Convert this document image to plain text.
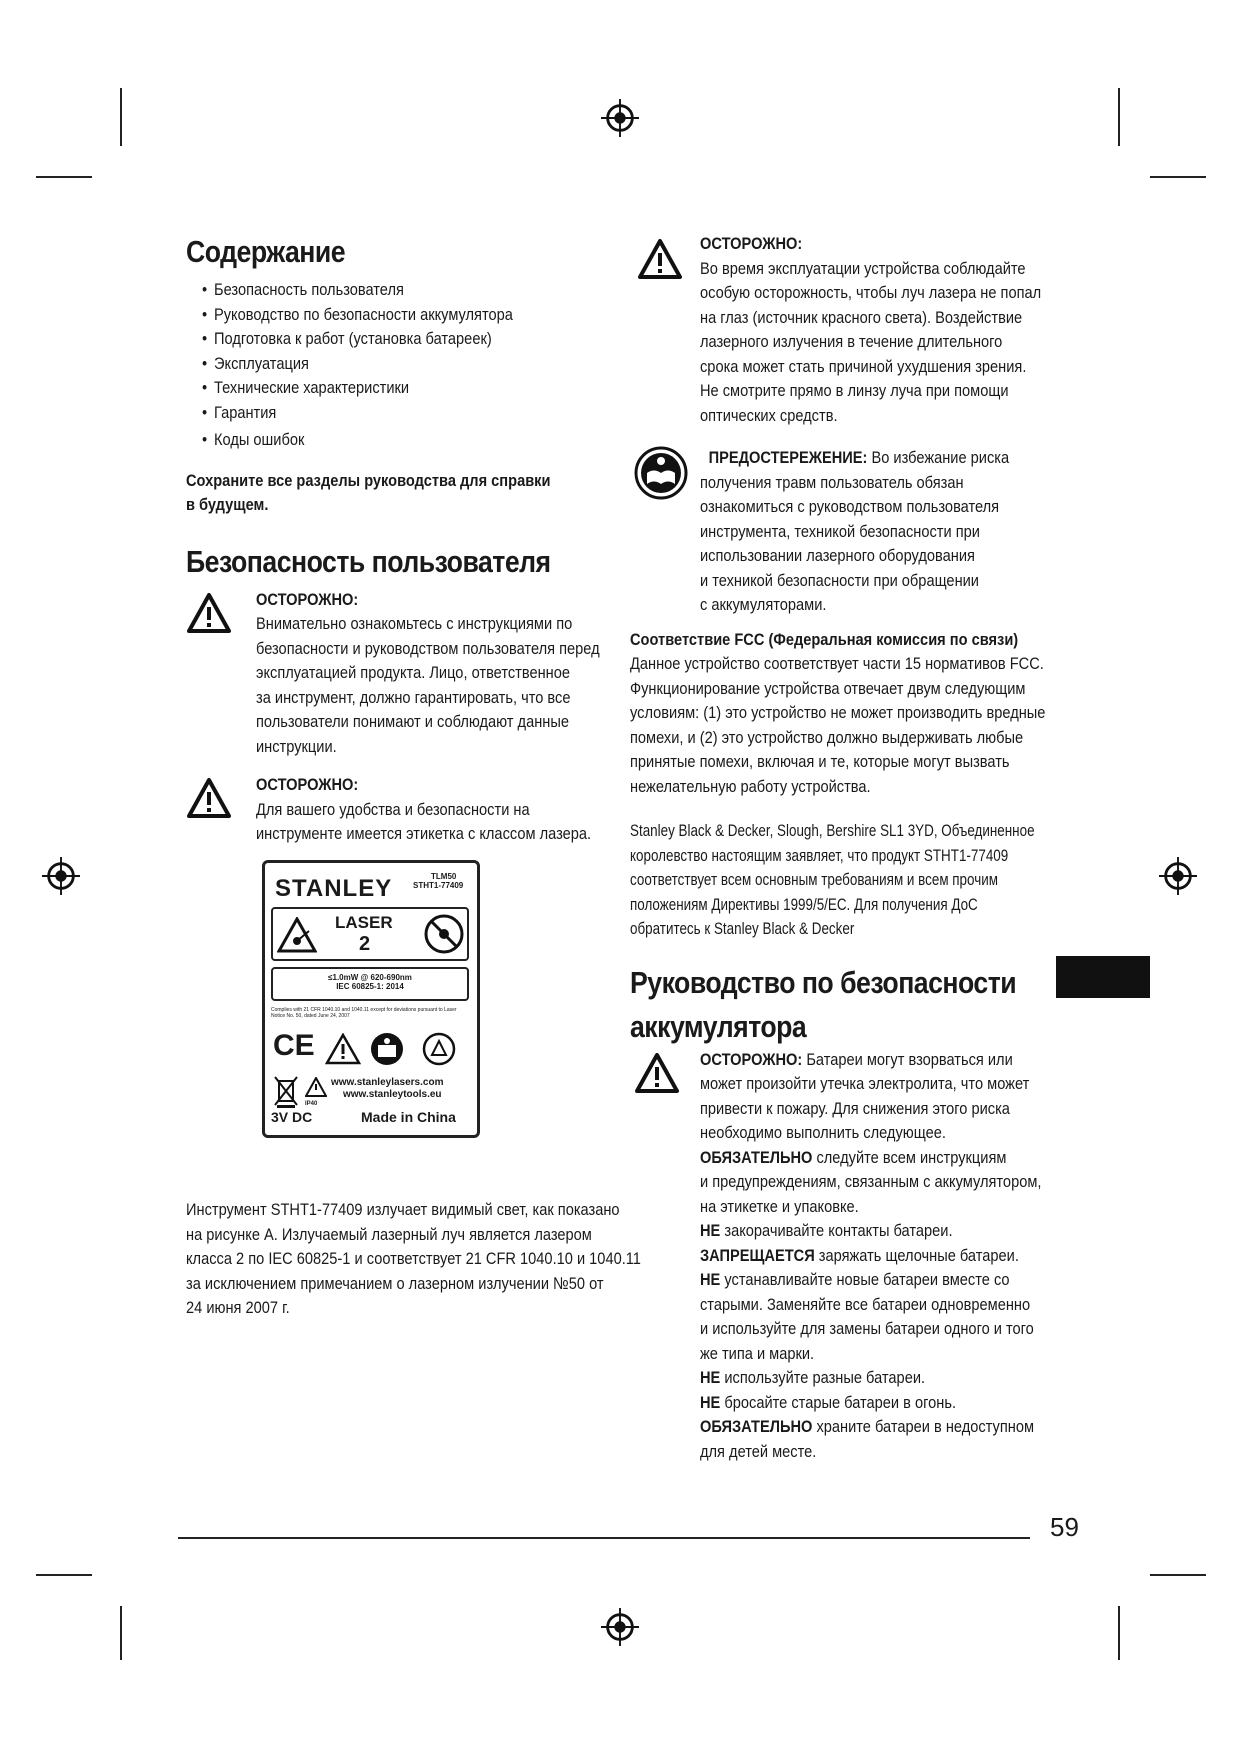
Содержание
• Безопасность пользователя
• Руководство по безопасности аккумулятора
• Подготовка к работ (установка батареек)
• Эксплуатация
• Технические характеристики
• Гарантия
• Коды ошибок
Сохраните все разделы руководства для справки
в будущем.
Безопасность пользователя
ОСТОРОЖНО:
Внимательно ознакомьтесь с инструкциями по
безопасности и руководством пользователя перед
эксплуатацией продукта. Лицо, ответственное
за инструмент, должно гарантировать, что все
пользователи понимают и соблюдают данные
инструкции.
ОСТОРОЖНО:
Для вашего удобства и безопасности на
инструменте имеется этикетка с классом лазера.
STANLEY	TLM50
STHT1-77409
LASER
2
≤1.0mW @ 620-690nm
IEC 60825-1: 2014
Complies with 21 CFR 1040.10 and 1040.11 except for deviations pursuant to Laser Notice No. 50, dated June 24, 2007
CE
www.stanleylasers.com
www.stanleytools.eu
IP40
3V DC	Made in China
Инструмент STHT1-77409 излучает видимый свет, как показано
на рисунке A. Излучаемый лазерный луч является лазером
класса 2 по IEC 60825-1 и соответствует 21 CFR 1040.10 и 1040.11
за исключением примечанием о лазерном излучении №50 от
24 июня 2007 г.
ОСТОРОЖНО:
Во время эксплуатации устройства соблюдайте
особую осторожность, чтобы луч лазера не попал
на глаз (источник красного света). Воздействие
лазерного излучения в течение длительного
срока может стать причиной ухудшения зрения.
Не смотрите прямо в линзу луча при помощи
оптических средств.
ПРЕДОСТЕРЕЖЕНИЕ: Во избежание риска
получения травм пользователь обязан
ознакомиться с руководством пользователя
инструмента, техникой безопасности при
использовании лазерного оборудования
и техникой безопасности при обращении
с аккумуляторами.
Соответствие FCC (Федеральная комиссия по связи)
Данное устройство соответствует части 15 нормативов FCC.
Функционирование устройства отвечает двум следующим
условиям: (1) это устройство не может производить вредные
помехи, и (2) это устройство должно выдерживать любые
принятые помехи, включая и те, которые могут вызвать
нежелательную работу устройства.
Stanley Black & Decker, Slough, Bershire SL1 3YD, Объединенное
королевство настоящим заявляет, что продукт STHT1-77409
соответствует всем основным требованиям и всем прочим
положениям Директивы 1999/5/EC. Для получения ДоС
обратитесь к Stanley Black & Decker
Руководство по безопасности
аккумулятора
ОСТОРОЖНО: Батареи могут взорваться или
может произойти утечка электролита, что может
привести к пожару. Для снижения этого риска
необходимо выполнить следующее.
ОБЯЗАТЕЛЬНО следуйте всем инструкциям
и предупреждениям, связанным с аккумулятором,
на этикетке и упаковке.
НЕ закорачивайте контакты батареи.
ЗАПРЕЩАЕТСЯ заряжать щелочные батареи.
НЕ устанавливайте новые батареи вместе со
старыми. Заменяйте все батареи одновременно
и используйте для замены батареи одного и того
же типа и марки.
НЕ используйте разные батареи.
НЕ бросайте старые батареи в огонь.
ОБЯЗАТЕЛЬНО храните батареи в недоступном
для детей месте.
59
